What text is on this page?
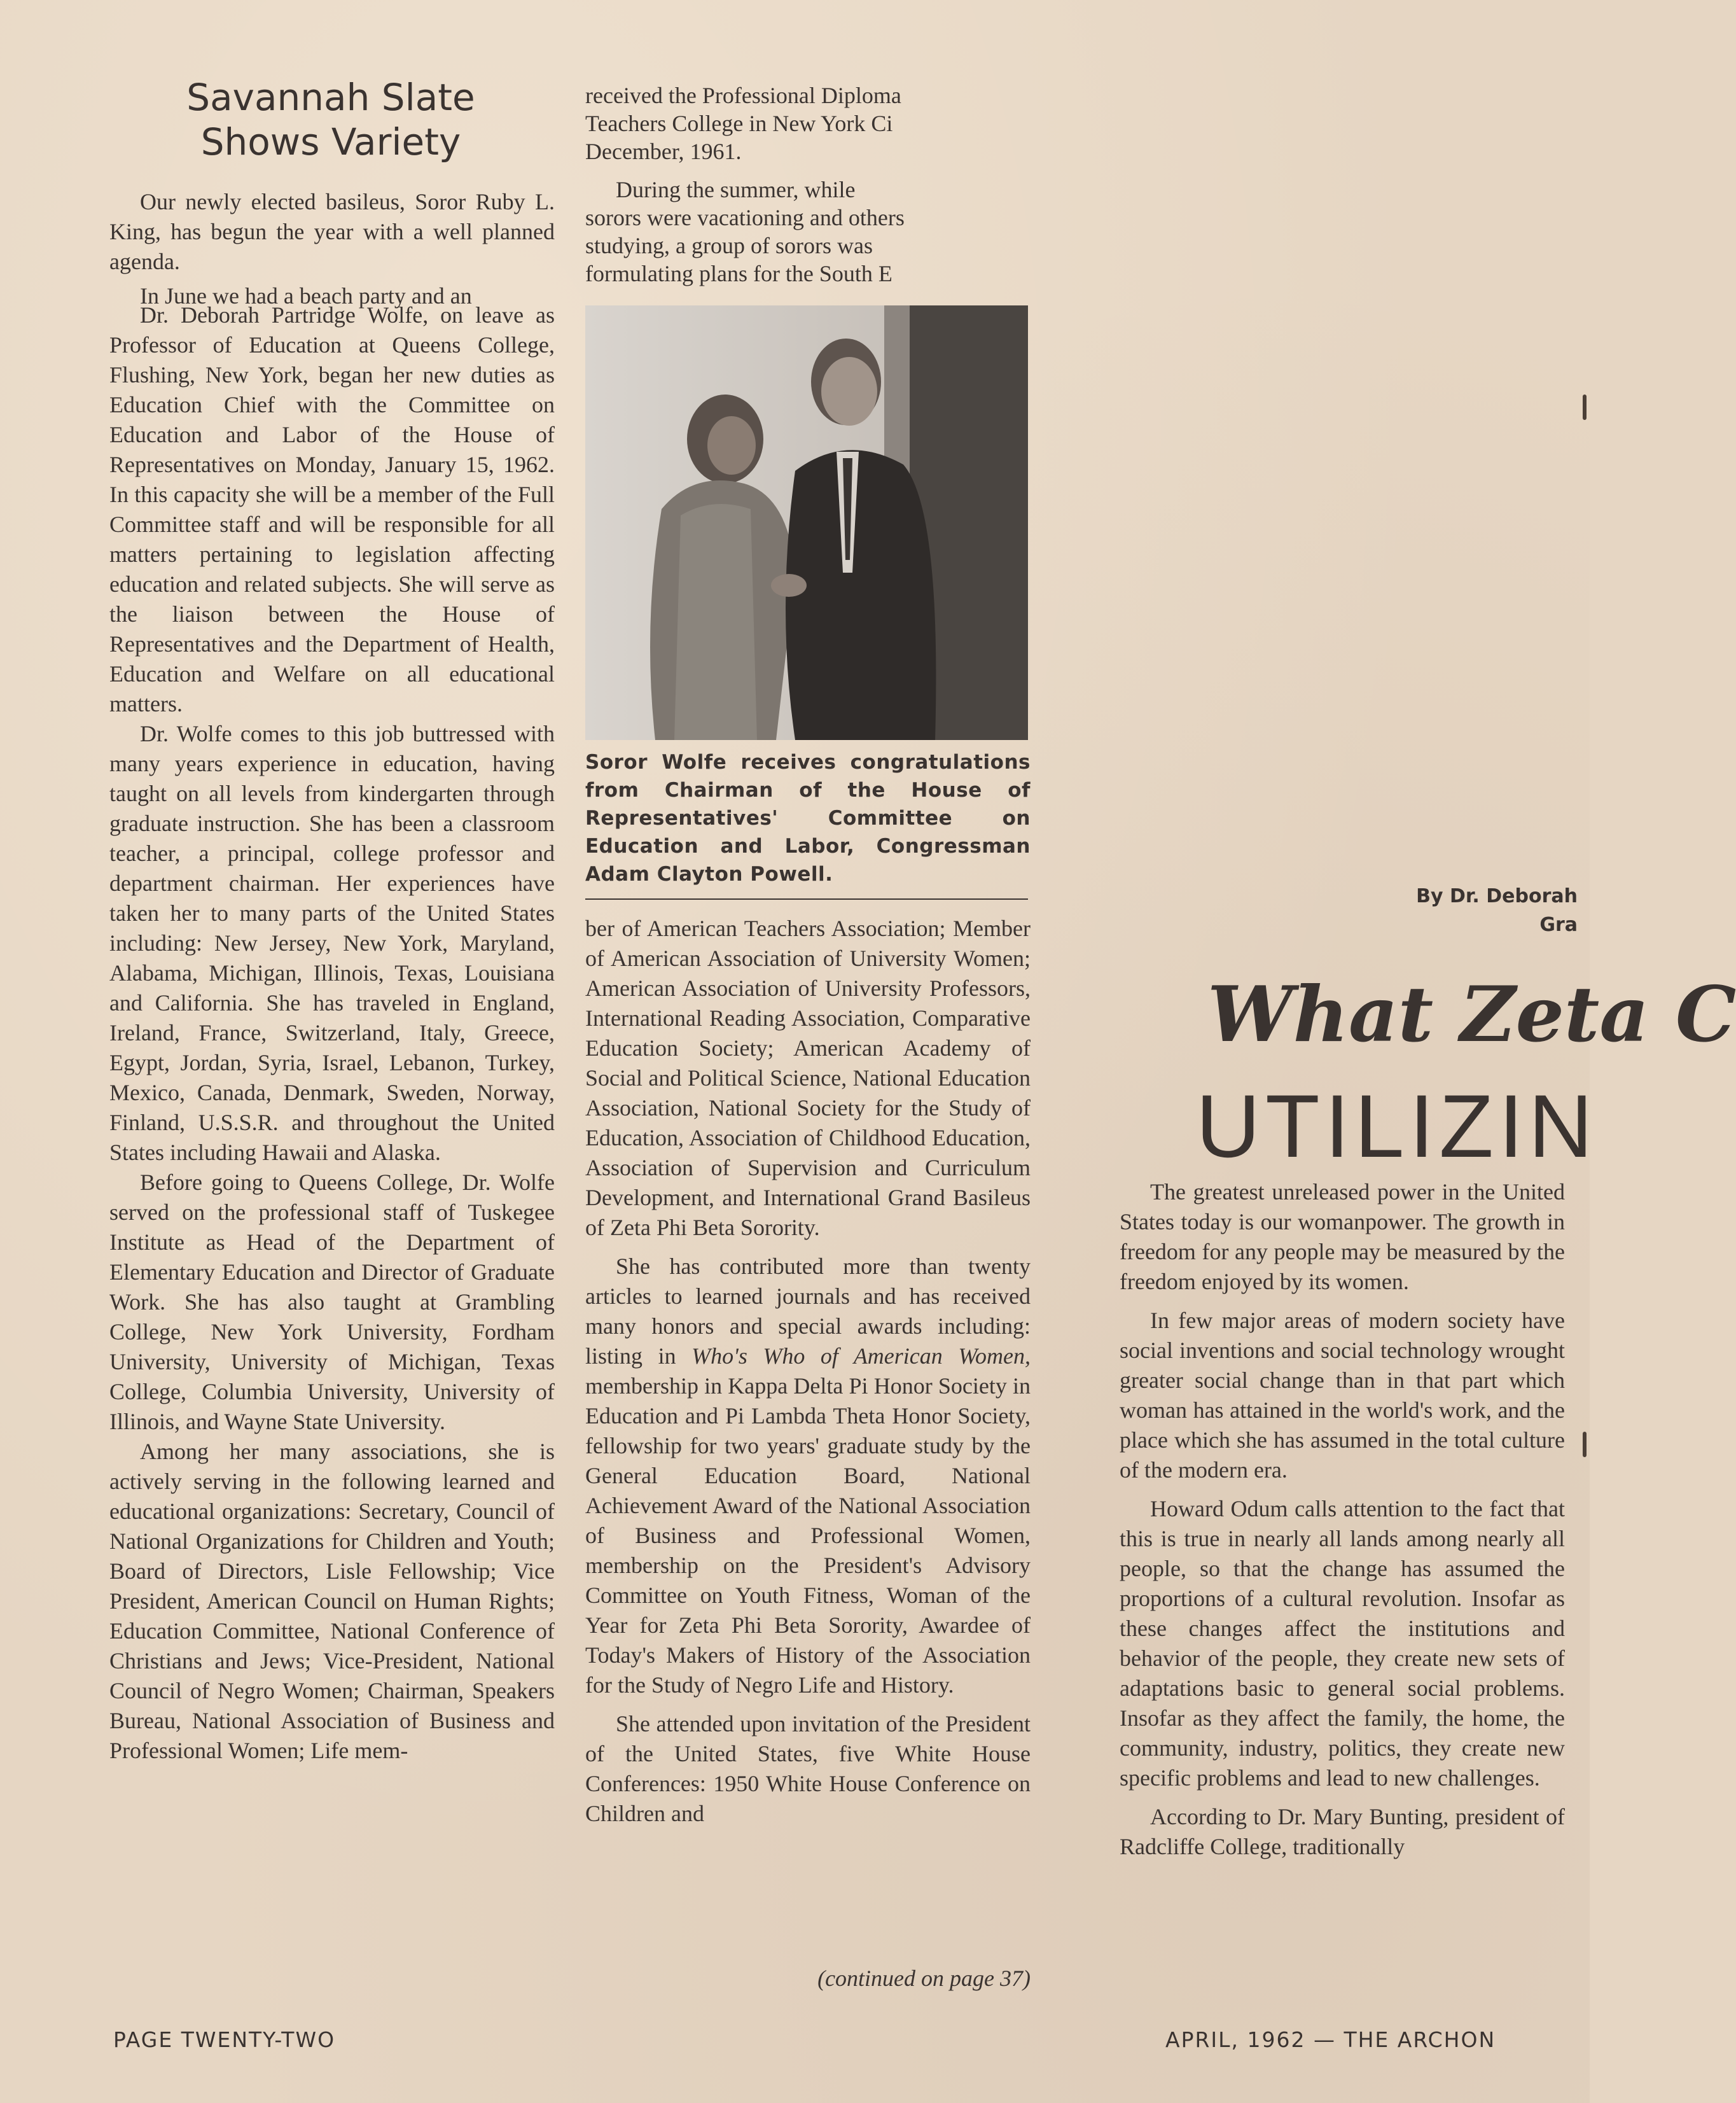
Savannah Slate
Shows Variety

Our newly elected basileus, Soror Ruby L. King, has begun the year with a well planned agenda.

In June we had a beach party and an

Dr. Deborah Partridge Wolfe, on leave as Professor of Education at Queens College, Flushing, New York, began her new duties as Education Chief with the Committee on Education and Labor of the House of Representatives on Monday, January 15, 1962. In this capacity she will be a member of the Full Committee staff and will be responsible for all matters pertaining to legislation affecting education and related subjects. She will serve as the liaison between the House of Representatives and the Department of Health, Education and Welfare on all educational matters.

Dr. Wolfe comes to this job buttressed with many years experience in education, having taught on all levels from kindergarten through graduate instruction. She has been a classroom teacher, a principal, college professor and department chairman. Her experiences have taken her to many parts of the United States including: New Jersey, New York, Maryland, Alabama, Michigan, Illinois, Texas, Louisiana and California. She has traveled in England, Ireland, France, Switzerland, Italy, Greece, Egypt, Jordan, Syria, Israel, Lebanon, Turkey, Mexico, Canada, Denmark, Sweden, Norway, Finland, U.S.S.R. and throughout the United States including Hawaii and Alaska.

Before going to Queens College, Dr. Wolfe served on the professional staff of Tuskegee Institute as Head of the Department of Elementary Education and Director of Graduate Work. She has also taught at Grambling College, New York University, Fordham University, University of Michigan, Texas College, Columbia University, University of Illinois, and Wayne State University.

Among her many associations, she is actively serving in the following learned and educational organizations: Secretary, Council of National Organizations for Children and Youth; Board of Directors, Lisle Fellowship; Vice President, American Council on Human Rights; Education Committee, National Conference of Christians and Jews; Vice-President, National Council of Negro Women; Chairman, Speakers Bureau, National Association of Business and Professional Women; Life mem-

received the Professional Diploma
Teachers College in New York Ci
December, 1961.
During the summer, while
sorors were vacationing and others
studying, a group of sorors was
formulating plans for the South E
Soror Wolfe receives congratulations from Chairman of the House of Representatives' Committee on Education and Labor, Congressman Adam Clayton Powell.

ber of American Teachers Association; Member of American Association of University Women; American Association of University Professors, International Reading Association, Comparative Education Society; American Academy of Social and Political Science, National Education Association, National Society for the Study of Education, Association of Childhood Education, Association of Supervision and Curriculum Development, and International Grand Basileus of Zeta Phi Beta Sorority.

She has contributed more than twenty articles to learned journals and has received many honors and special awards including: listing in Who's Who of American Women, membership in Kappa Delta Pi Honor Society in Education and Pi Lambda Theta Honor Society, fellowship for two years' graduate study by the General Education Board, National Achievement Award of the National Association of Business and Professional Women, membership on the President's Advisory Committee on Youth Fitness, Woman of the Year for Zeta Phi Beta Sorority, Awardee of Today's Makers of History of the Association for the Study of Negro Life and History.

She attended upon invitation of the President of the United States, five White House Conferences: 1950 White House Conference on Children and

(continued on page 37)
By Dr. Deborah
Gra
What Zeta C
UTILIZIN

The greatest unreleased power in the United States today is our womanpower. The growth in freedom for any people may be measured by the freedom enjoyed by its women.

In few major areas of modern society have social inventions and social technology wrought greater social change than in that part which woman has attained in the world's work, and the place which she has assumed in the total culture of the modern era.

Howard Odum calls attention to the fact that this is true in nearly all lands among nearly all people, so that the change has assumed the proportions of a cultural revolution. Insofar as these changes affect the institutions and behavior of the people, they create new sets of adaptations basic to general social problems. Insofar as they affect the family, the home, the community, industry, politics, they create new specific problems and lead to new challenges.

According to Dr. Mary Bunting, president of Radcliffe College, traditionally

PAGE TWENTY-TWO	APRIL, 1962 — THE ARCHON
